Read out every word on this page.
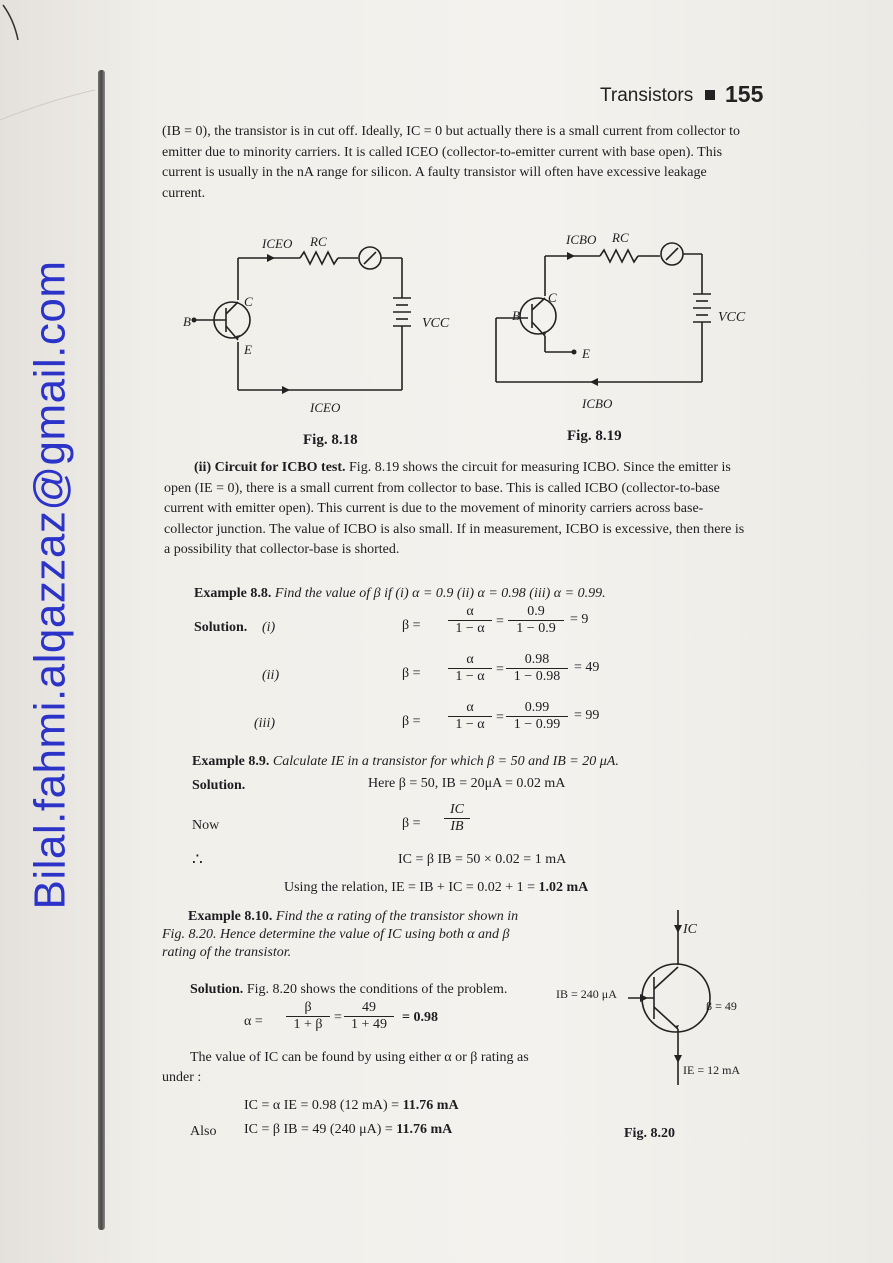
Bilal.fahmi.alqazzaz@gmail.com
Transistors 155
(IB = 0), the transistor is in cut off. Ideally, IC = 0 but actually there is a small current from collector to
emitter due to minority carriers. It is called ICEO (collector-to-emitter current with base open). This
current is usually in the nA range for silicon. A faulty transistor will often have excessive leakage
current.
ICEO RC
VCC
B
C
E
ICEO
Fig. 8.18
ICBO RC
VCC
B
C
E
ICBO
Fig. 8.19
(ii) Circuit for ICBO test. Fig. 8.19 shows the circuit for measuring ICBO. Since the emitter is
open (IE = 0), there is a small current from collector to base. This is called ICBO (collector-to-base
current with emitter open). This current is due to the movement of minority carriers across base-
collector junction. The value of ICBO is also small. If in measurement, ICBO is excessive, then there is
a possibility that collector-base is shorted.
Example 8.8. Find the value of β if (i) α = 0.9 (ii) α = 0.98 (iii) α = 0.99.
Solution. (i)	β =
α
1 − α =
0.9
1 − 0.9
= 9
(ii)	β =
α
1 − α =
0.98
1 − 0.98
= 49
(iii)	β =
α
1 − α =
0.99
1 − 0.99
= 99
Example 8.9. Calculate IE in a transistor for which β = 50 and IB = 20 μA.
Solution.	Here β = 50, IB = 20μA = 0.02 mA
Now	β =
IC
IB
∴	IC = β IB = 50 × 0.02 = 1 mA
Using the relation, IE = IB + IC = 0.02 + 1 = 1.02 mA
Example 8.10. Find the α rating of the transistor shown in
Fig. 8.20. Hence determine the value of IC using both α and β
rating of the transistor.
Solution. Fig. 8.20 shows the conditions of the problem.
α =
β
1 + β =
49
1 + 49	= 0.98
The value of IC can be found by using either α or β rating as
under :
IC = α IE = 0.98 (12 mA) = 11.76 mA
Also IC = β IB = 49 (240 μA) = 11.76 mA
IC
IB = 240 μA
β = 49
IE = 12 mA
Fig. 8.20
